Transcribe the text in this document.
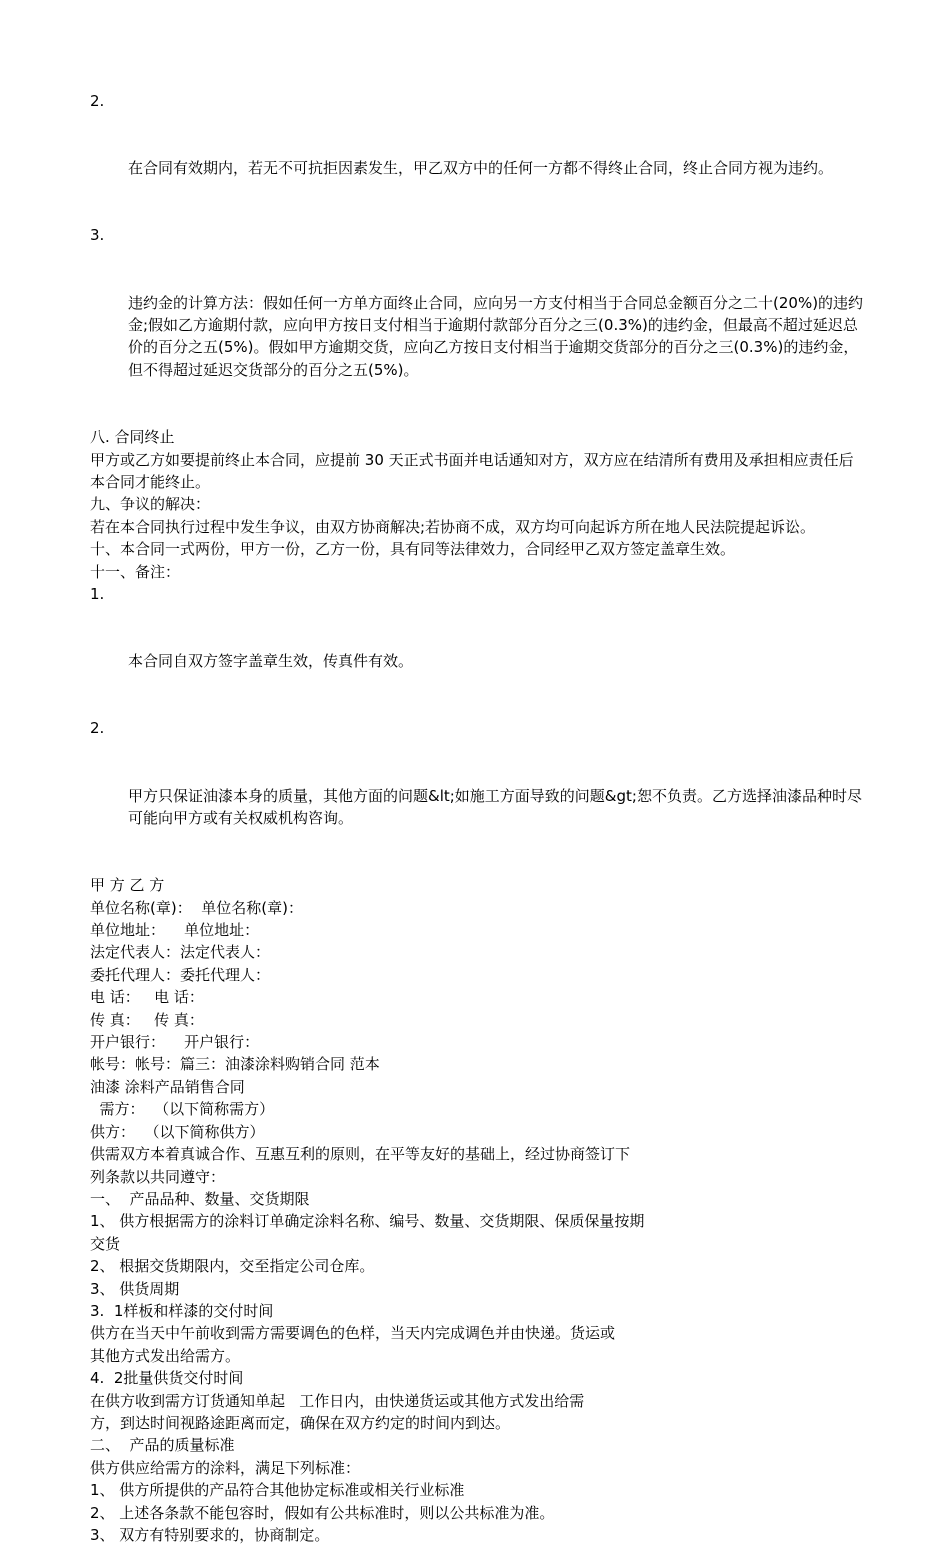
2.

在合同有效期内，若无不可抗拒因素发生，甲乙双方中的任何一方都不得终止合同，终止合同方视为违约。

3.

违约金的计算方法：假如任何一方单方面终止合同，应向另一方支付相当于合同总金额百分之二十(20%)的违约金;假如乙方逾期付款，应向甲方按日支付相当于逾期付款部分百分之三(0.3%)的违约金，但最高不超过延迟总价的百分之五(5%)。假如甲方逾期交货，应向乙方按日支付相当于逾期交货部分的百分之三(0.3%)的违约金，但不得超过延迟交货部分的百分之五(5%)。

八. 合同终止
甲方或乙方如要提前终止本合同，应提前 30 天正式书面并电话通知对方，双方应在结清所有费用及承担相应责任后本合同才能终止。
九、争议的解决：
若在本合同执行过程中发生争议，由双方协商解决;若协商不成，双方均可向起诉方所在地人民法院提起诉讼。
十、本合同一式两份，甲方一份，乙方一份，具有同等法律效力，合同经甲乙双方签定盖章生效。
十一、备注：

1.

本合同自双方签字盖章生效，传真件有效。

2.

甲方只保证油漆本身的质量，其他方面的问题&lt;如施工方面导致的问题&gt;恕不负责。乙方选择油漆品种时尽可能向甲方或有关权威机构咨询。

甲 方 乙 方
单位名称(章)：  单位名称(章)：
单位地址：    单位地址：
法定代表人：法定代表人：
委托代理人：委托代理人：
电 话：   电 话：
传 真：   传 真：
开户银行：    开户银行：
帐号：帐号：篇三：油漆涂料购销合同 范本
油漆 涂料产品销售合同
需方：  （以下简称需方）
供方：  （以下简称供方）
供需双方本着真诚合作、互惠互利的原则，在平等友好的基础上，经过协商签订下
列条款以共同遵守：
一、  产品品种、数量、交货期限
1、 供方根据需方的涂料订单确定涂料名称、编号、数量、交货期限、保质保量按期
交货
2、 根据交货期限内，交至指定公司仓库。
3、 供货周期
3.  1样板和样漆的交付时间
供方在当天中午前收到需方需要调色的色样，当天内完成调色并由快递。货运或
其他方式发出给需方。
4.  2批量供货交付时间
在供方收到需方订货通知单起   工作日内，由快递货运或其他方式发出给需
方，到达时间视路途距离而定，确保在双方约定的时间内到达。
二、  产品的质量标准
供方供应给需方的涂料，满足下列标准：
1、 供方所提供的产品符合其他协定标准或相关行业标准
2、 上述各条款不能包容时，假如有公共标准时，则以公共标准为准。
3、 双方有特别要求的，协商制定。
